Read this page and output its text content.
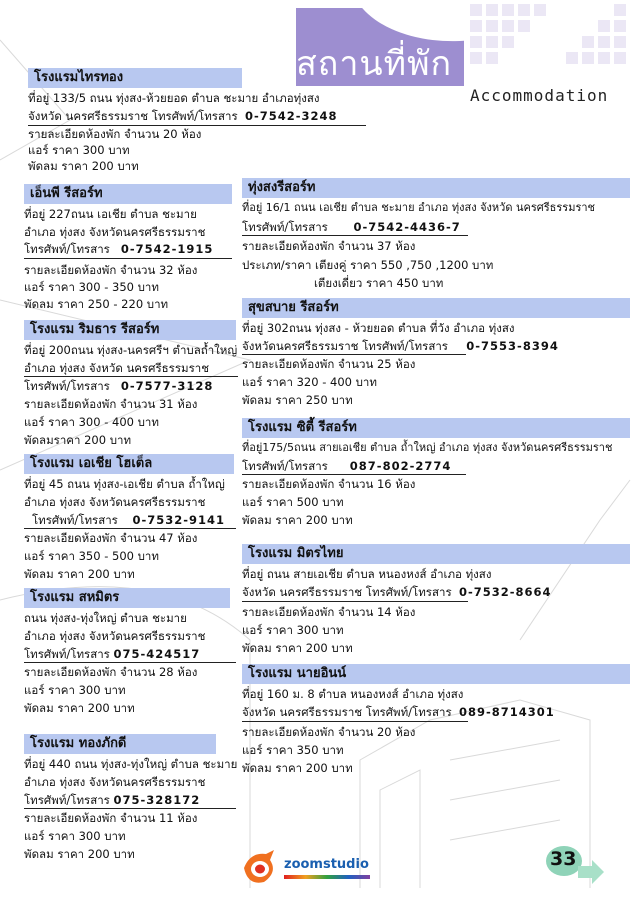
สถานที่พัก
Accommodation
โรงแรมไทรทอง
ที่อยู่ 133/5 ถนน ทุ่งสง-ห้วยยอด ตำบล ชะมาย อำเภอทุ่งสง
จังหวัด นครศรีธรรมราช โทรศัพท์/โทรสาร 0-7542-3248
รายละเอียดห้องพัก จำนวน 20 ห้อง
แอร์ ราคา 300 บาท
พัดลม ราคา 200 บาท
เอ็นพี รีสอร์ท
ที่อยู่ 227ถนน เอเชีย ตำบล ชะมาย
อำเภอ ทุ่งสง จังหวัดนครศรีธรรมราช
โทรศัพท์/โทรสาร 0-7542-1915
รายละเอียดห้องพัก จำนวน 32 ห้อง
แอร์ ราคา 300 - 350 บาท
พัดลม ราคา 250 - 220 บาท
โรงแรม ริมธาร รีสอร์ท
ที่อยู่ 200ถนน ทุ่งสง-นครศรีฯ ตำบลถ้ำใหญ่
อำเภอ ทุ่งสง จังหวัด นครศรีธรรมราช
โทรศัพท์/โทรสาร 0-7577-3128
รายละเอียดห้องพัก จำนวน 31 ห้อง
แอร์ ราคา 300 - 400 บาท
พัดลมราคา 200 บาท
โรงแรม เอเชีย โฮเต็ล
ที่อยู่ 45 ถนน ทุ่งสง-เอเชีย ตำบล ถ้ำใหญ่
อำเภอ ทุ่งสง จังหวัดนครศรีธรรมราช
โทรศัพท์/โทรสาร 0-7532-9141
รายละเอียดห้องพัก จำนวน 47 ห้อง
แอร์ ราคา 350 - 500 บาท
พัดลม ราคา 200 บาท
โรงแรม สหมิตร
ถนน ทุ่งสง-ทุ่งใหญ่ ตำบล ชะมาย
อำเภอ ทุ่งสง จังหวัดนครศรีธรรมราช
โทรศัพท์/โทรสาร 075-424517
รายละเอียดห้องพัก จำนวน 28 ห้อง
แอร์ ราคา 300 บาท
พัดลม ราคา 200 บาท
โรงแรม ทองภักดี
ที่อยู่ 440 ถนน ทุ่งสง-ทุ่งใหญ่ ตำบล ชะมาย
อำเภอ ทุ่งสง จังหวัดนครศรีธรรมราช
โทรศัพท์/โทรสาร 075-328172
รายละเอียดห้องพัก จำนวน 11 ห้อง
แอร์ ราคา 300 บาท
พัดลม ราคา 200 บาท
ทุ่งสงรีสอร์ท
ที่อยู่ 16/1 ถนน เอเชีย ตำบล ชะมาย อำเภอ ทุ่งสง จังหวัด นครศรีธรรมราช
โทรศัพท์/โทรสาร 0-7542-4436-7
รายละเอียดห้องพัก จำนวน 37 ห้อง
ประเภท/ราคา เตียงคู่ ราคา 550 ,750 ,1200 บาท
เตียงเดี่ยว ราคา 450 บาท
สุขสบาย รีสอร์ท
ที่อยู่ 302ถนน ทุ่งสง - ห้วยยอด ตำบล ที่วัง อำเภอ ทุ่งสง
จังหวัดนครศรีธรรมราช โทรศัพท์/โทรสาร 0-7553-8394
รายละเอียดห้องพัก จำนวน 25 ห้อง
แอร์ ราคา 320 - 400 บาท
พัดลม ราคา 250 บาท
โรงแรม ซิตี้ รีสอร์ท
ที่อยู่175/5ถนน สายเอเชีย ตำบล ถ้ำใหญ่ อำเภอ ทุ่งสง จังหวัดนครศรีธรรมราช
โทรศัพท์/โทรสาร 087-802-2774
รายละเอียดห้องพัก จำนวน 16 ห้อง
แอร์ ราคา 500 บาท
พัดลม ราคา 200 บาท
โรงแรม มิตรไทย
ที่อยู่ ถนน สายเอเชีย ตำบล หนองหงส์ อำเภอ ทุ่งสง
จังหวัด นครศรีธรรมราช โทรศัพท์/โทรสาร 0-7532-8664
รายละเอียดห้องพัก จำนวน 14 ห้อง
แอร์ ราคา 300 บาท
พัดลม ราคา 200 บาท
โรงแรม นายอินน์
ที่อยู่ 160 ม. 8 ตำบล หนองหงส์ อำเภอ ทุ่งสง
จังหวัด นครศรีธรรมราช โทรศัพท์/โทรสาร 089-8714301
รายละเอียดห้องพัก จำนวน 20 ห้อง
แอร์ ราคา 350 บาท
พัดลม ราคา 200 บาท
zoomstudio	33
